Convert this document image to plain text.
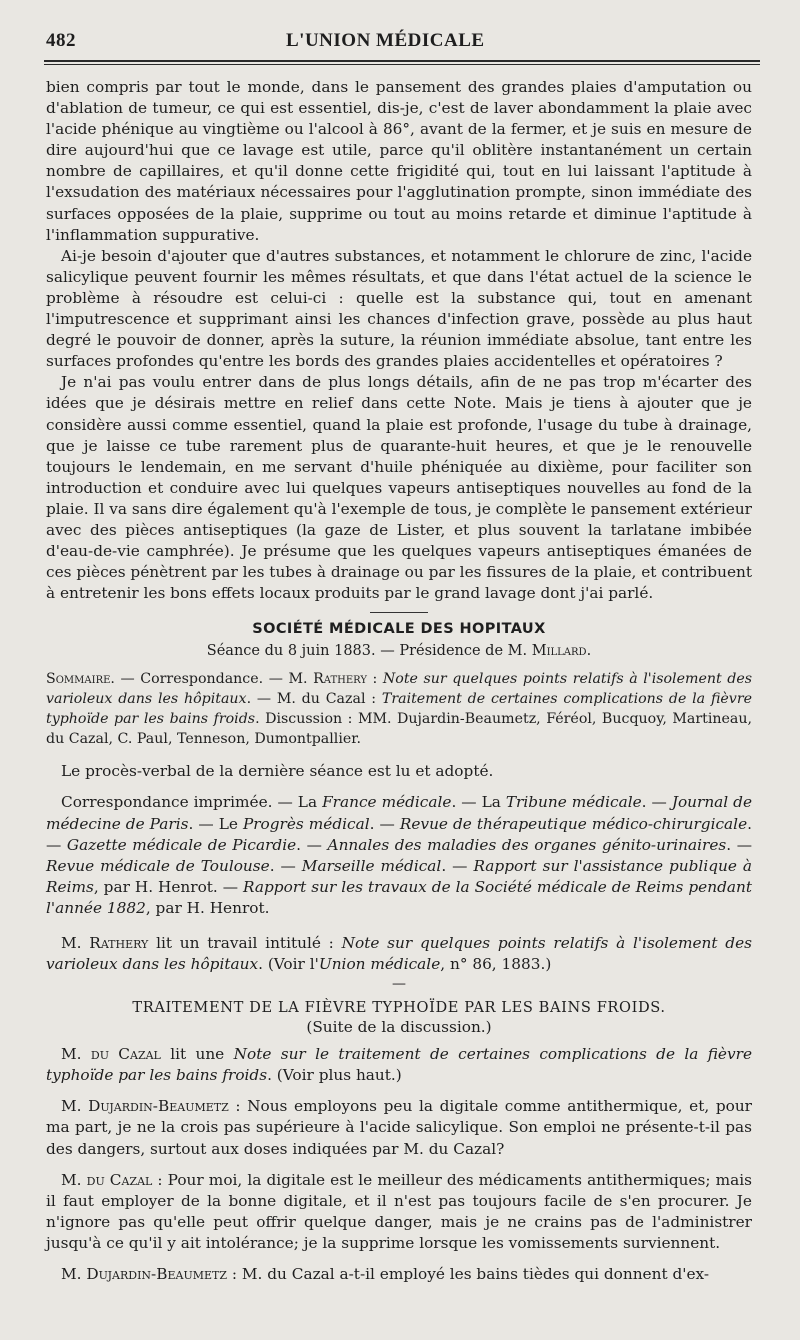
482	L'UNION MÉDICALE

bien compris par tout le monde, dans le pansement des grandes plaies d'amputation ou d'ablation de tumeur, ce qui est essentiel, dis-je, c'est de laver abondamment la plaie avec l'acide phénique au vingtième ou l'alcool à 86°, avant de la fermer, et je suis en mesure de dire aujourd'hui que ce lavage est utile, parce qu'il oblitère instantanément un certain nombre de capillaires, et qu'il donne cette frigidité qui, tout en lui laissant l'aptitude à l'exsudation des matériaux nécessaires pour l'agglutination prompte, sinon immédiate des surfaces opposées de la plaie, supprime ou tout au moins retarde et diminue l'aptitude à l'inflammation suppurative.

Ai-je besoin d'ajouter que d'autres substances, et notamment le chlorure de zinc, l'acide salicylique peuvent fournir les mêmes résultats, et que dans l'état actuel de la science le problème à résoudre est celui-ci : quelle est la substance qui, tout en amenant l'imputrescence et supprimant ainsi les chances d'infection grave, possède au plus haut degré le pouvoir de donner, après la suture, la réunion immédiate absolue, tant entre les surfaces profondes qu'entre les bords des grandes plaies accidentelles et opératoires ?

Je n'ai pas voulu entrer dans de plus longs détails, afin de ne pas trop m'écarter des idées que je désirais mettre en relief dans cette Note. Mais je tiens à ajouter que je considère aussi comme essentiel, quand la plaie est profonde, l'usage du tube à drainage, que je laisse ce tube rarement plus de quarante-huit heures, et que je le renouvelle toujours le lendemain, en me servant d'huile phéniquée au dixième, pour faciliter son introduction et conduire avec lui quelques vapeurs antiseptiques nouvelles au fond de la plaie. Il va sans dire également qu'à l'exemple de tous, je complète le pansement extérieur avec des pièces antiseptiques (la gaze de Lister, et plus souvent la tarlatane imbibée d'eau-de-vie camphrée). Je présume que les quelques vapeurs antiseptiques émanées de ces pièces pénètrent par les tubes à drainage ou par les fissures de la plaie, et contribuent à entretenir les bons effets locaux produits par le grand lavage dont j'ai parlé.

SOCIÉTÉ MÉDICALE DES HOPITAUX
Séance du 8 juin 1883. — Présidence de M. Millard.

Sommaire. — Correspondance. — M. Rathery : Note sur quelques points relatifs à l'isolement des varioleux dans les hôpitaux. — M. du Cazal : Traitement de certaines complications de la fièvre typhoïde par les bains froids. Discussion : MM. Dujardin-Beaumetz, Féréol, Bucquoy, Martineau, du Cazal, C. Paul, Tenneson, Dumontpallier.

Le procès-verbal de la dernière séance est lu et adopté.

Correspondance imprimée. — La France médicale. — La Tribune médicale. — Journal de médecine de Paris. — Le Progrès médical. — Revue de thérapeutique médico-chirurgicale. — Gazette médicale de Picardie. — Annales des maladies des organes génito-urinaires. — Revue médicale de Toulouse. — Marseille médical. — Rapport sur l'assistance publique à Reims, par H. Henrot. — Rapport sur les travaux de la Société médicale de Reims pendant l'année 1882, par H. Henrot.

M. Rathery lit un travail intitulé : Note sur quelques points relatifs à l'isolement des varioleux dans les hôpitaux. (Voir l'Union médicale, n° 86, 1883.)

—
TRAITEMENT DE LA FIÈVRE TYPHOÏDE PAR LES BAINS FROIDS.
(Suite de la discussion.)

M. du Cazal lit une Note sur le traitement de certaines complications de la fièvre typhoïde par les bains froids. (Voir plus haut.)

M. Dujardin-Beaumetz : Nous employons peu la digitale comme antithermique, et, pour ma part, je ne la crois pas supérieure à l'acide salicylique. Son emploi ne présente-t-il pas des dangers, surtout aux doses indiquées par M. du Cazal?

M. du Cazal : Pour moi, la digitale est le meilleur des médicaments antithermiques; mais il faut employer de la bonne digitale, et il n'est pas toujours facile de s'en procurer. Je n'ignore pas qu'elle peut offrir quelque danger, mais je ne crains pas de l'administrer jusqu'à ce qu'il y ait intolérance; je la supprime lorsque les vomissements surviennent.

M. Dujardin-Beaumetz : M. du Cazal a-t-il employé les bains tièdes qui donnent d'ex-
